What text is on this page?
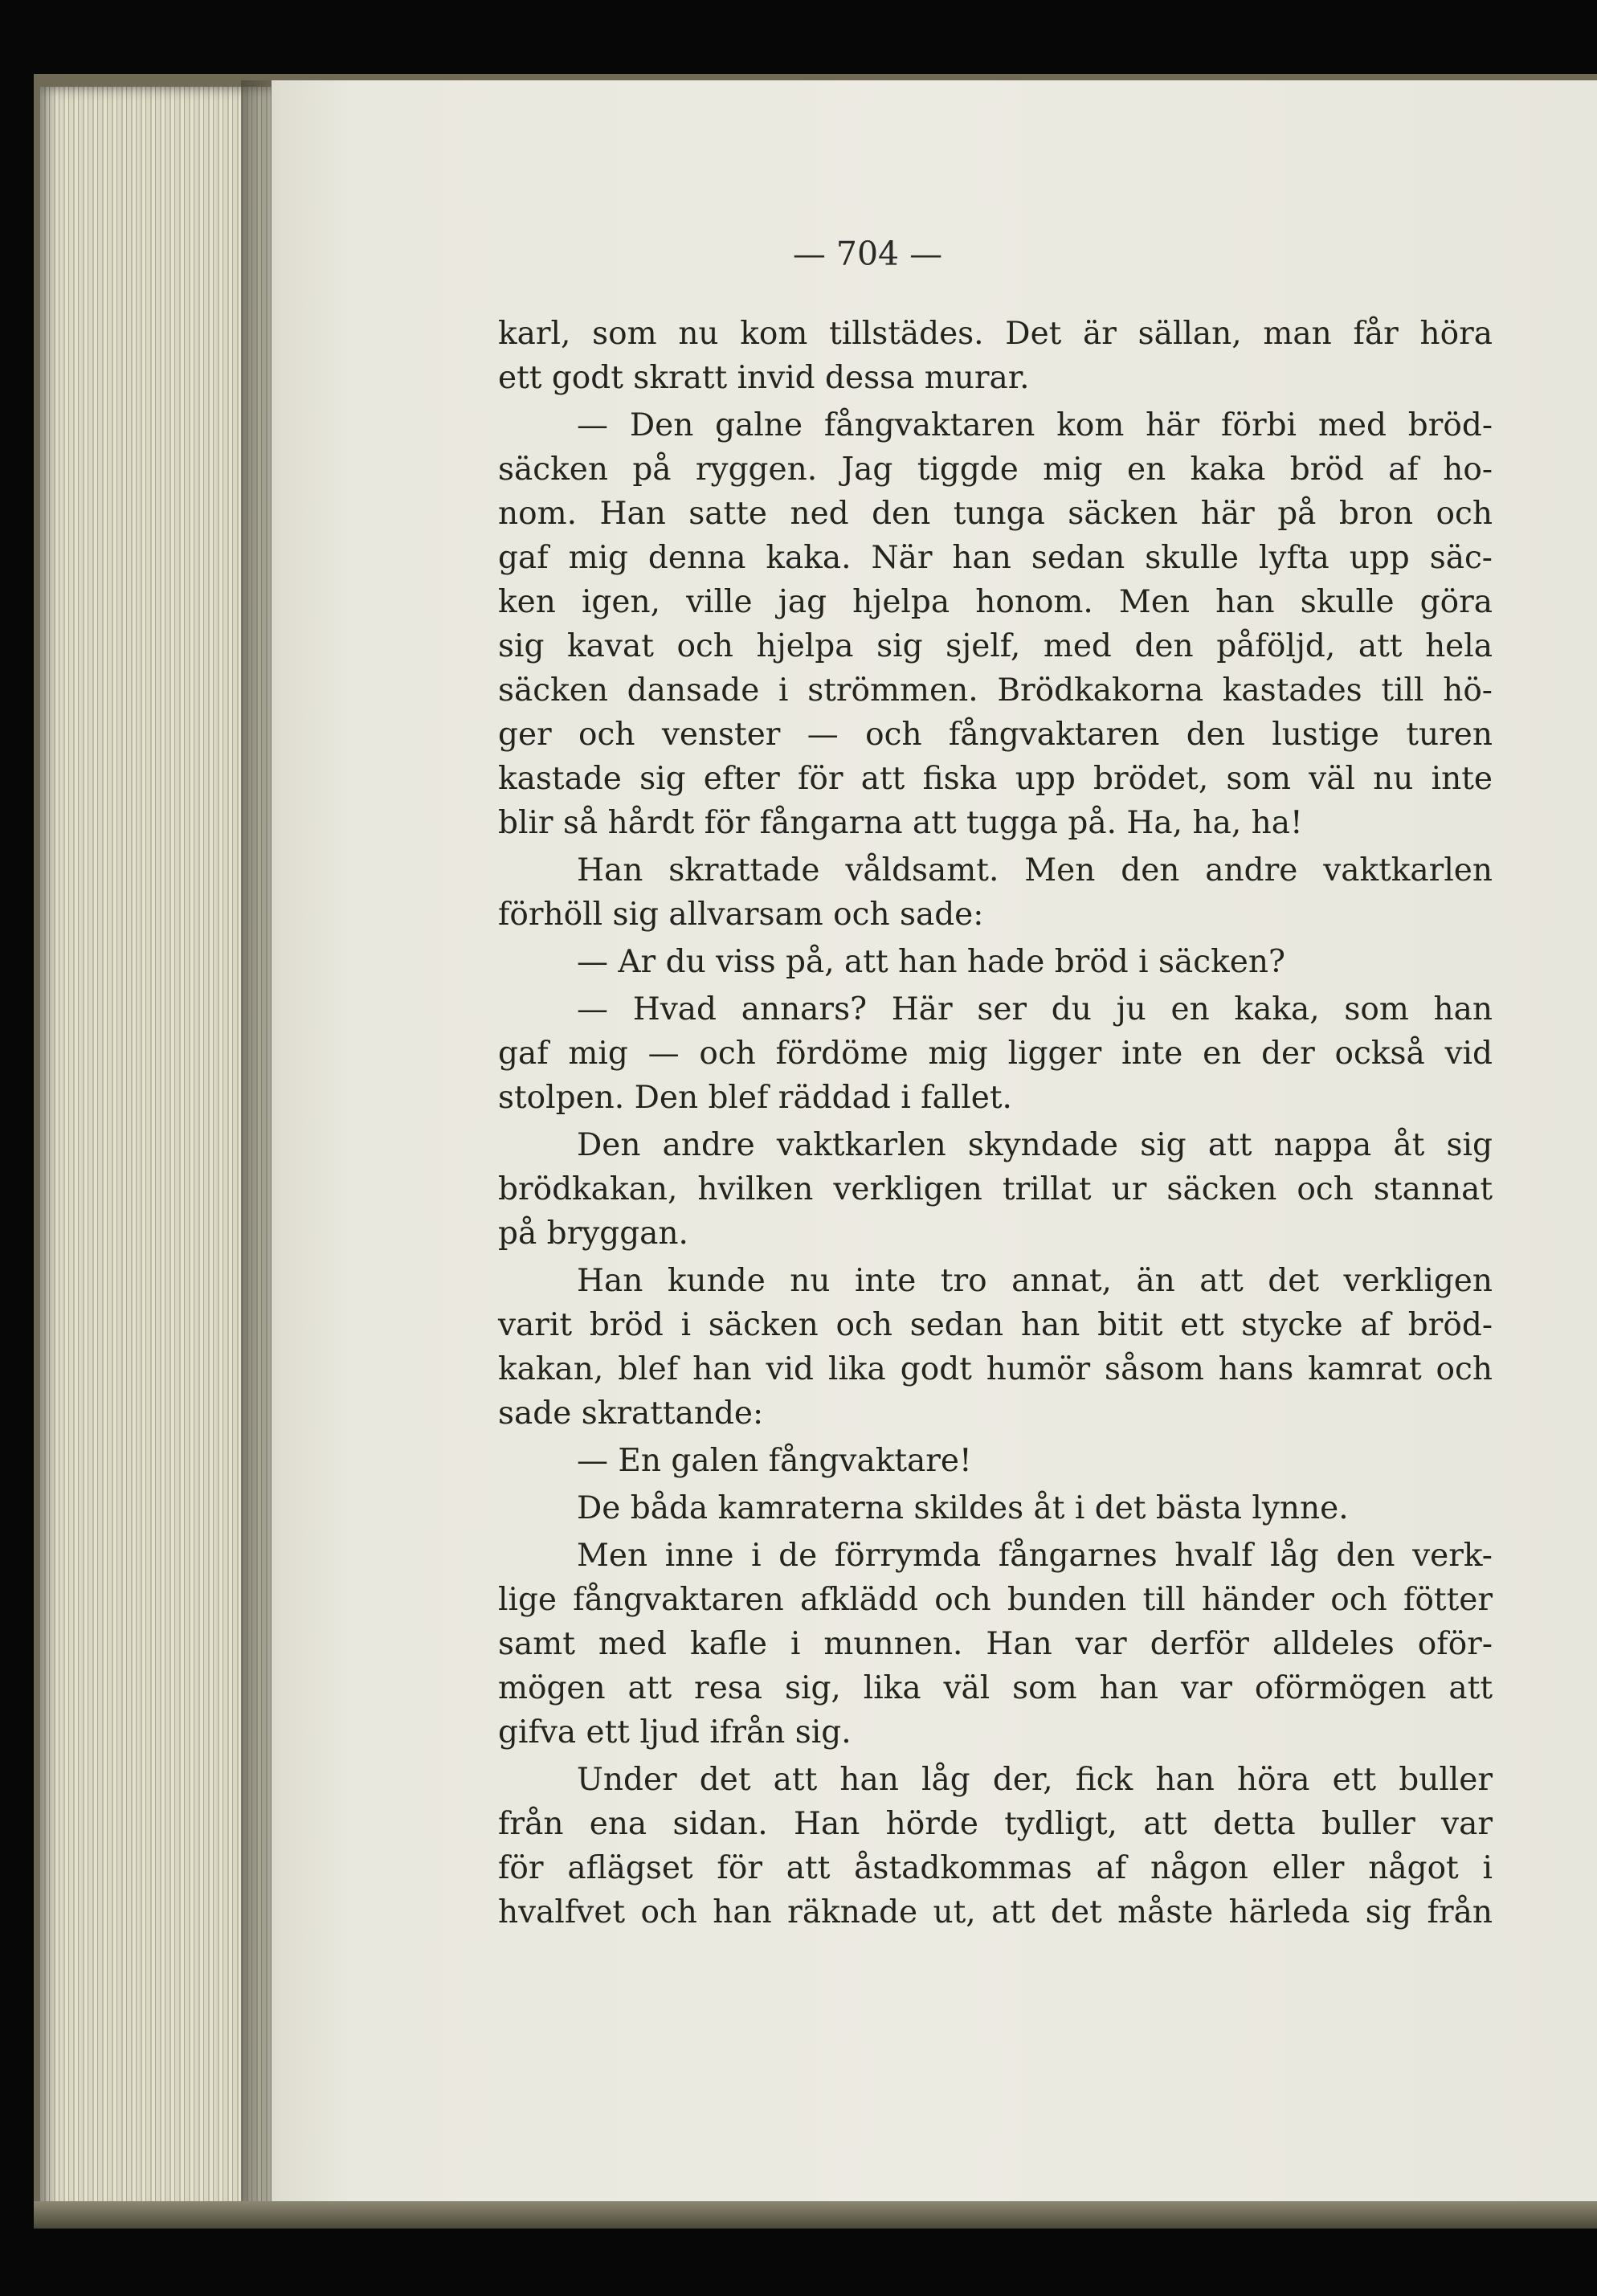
— 704 —
karl, som nu kom tillstädes. Det är sällan, man får höra
ett godt skratt invid dessa murar.
— Den galne fångvaktaren kom här förbi med bröd-
säcken på ryggen. Jag tiggde mig en kaka bröd af ho-
nom. Han satte ned den tunga säcken här på bron och
gaf mig denna kaka. När han sedan skulle lyfta upp säc-
ken igen, ville jag hjelpa honom. Men han skulle göra
sig kavat och hjelpa sig sjelf, med den påföljd, att hela
säcken dansade i strömmen. Brödkakorna kastades till hö-
ger och venster — och fångvaktaren den lustige turen
kastade sig efter för att fiska upp brödet, som väl nu inte
blir så hårdt för fångarna att tugga på. Ha, ha, ha!
Han skrattade våldsamt. Men den andre vaktkarlen
förhöll sig allvarsam och sade:
— Ar du viss på, att han hade bröd i säcken?
— Hvad annars? Här ser du ju en kaka, som han
gaf mig — och fördöme mig ligger inte en der också vid
stolpen. Den blef räddad i fallet.
Den andre vaktkarlen skyndade sig att nappa åt sig
brödkakan, hvilken verkligen trillat ur säcken och stannat
på bryggan.
Han kunde nu inte tro annat, än att det verkligen
varit bröd i säcken och sedan han bitit ett stycke af bröd-
kakan, blef han vid lika godt humör såsom hans kamrat och
sade skrattande:
— En galen fångvaktare!
De båda kamraterna skildes åt i det bästa lynne.
Men inne i de förrymda fångarnes hvalf låg den verk-
lige fångvaktaren afklädd och bunden till händer och fötter
samt med kafle i munnen. Han var derför alldeles oför-
mögen att resa sig, lika väl som han var oförmögen att
gifva ett ljud ifrån sig.
Under det att han låg der, fick han höra ett buller
från ena sidan. Han hörde tydligt, att detta buller var
för aflägset för att åstadkommas af någon eller något i
hvalfvet och han räknade ut, att det måste härleda sig från
